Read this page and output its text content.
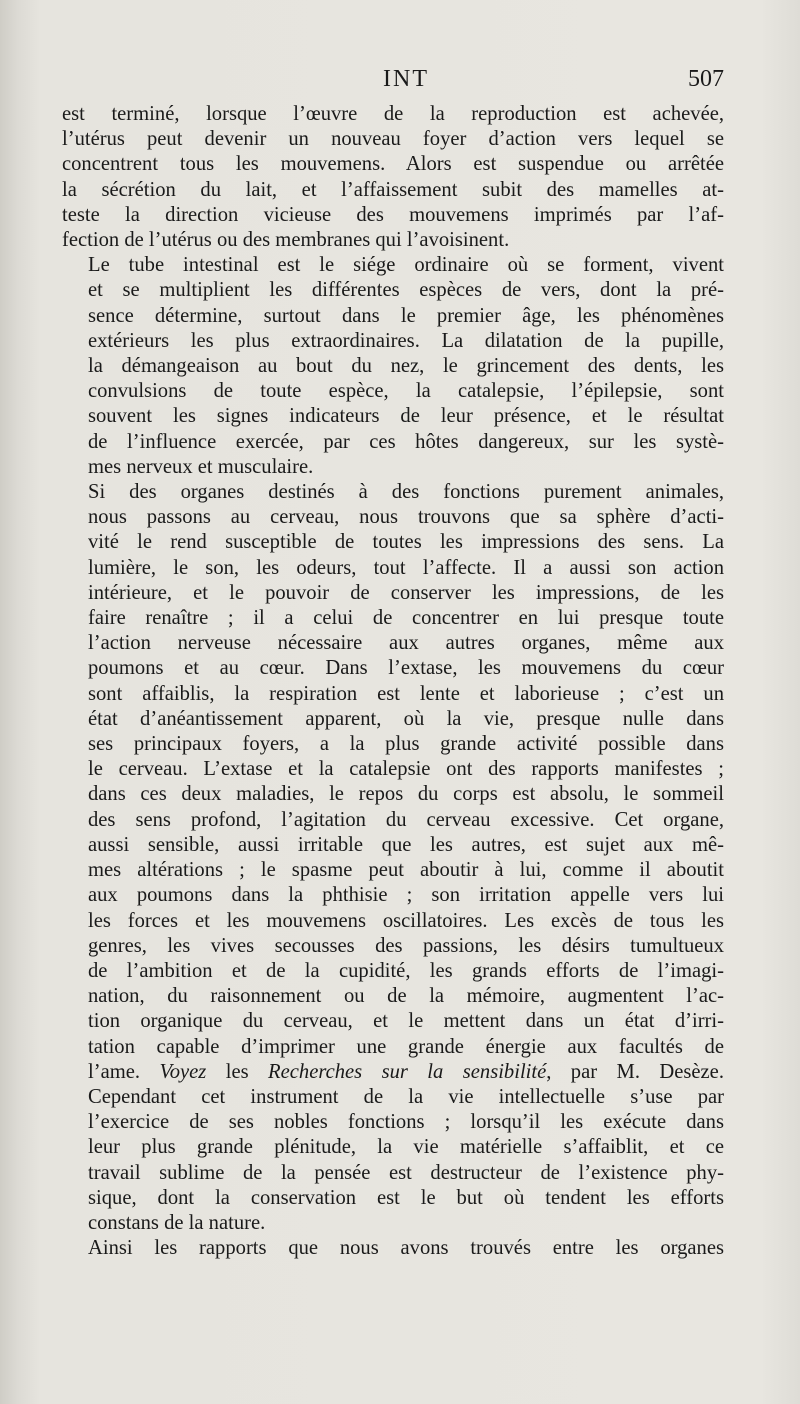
INT	507

est terminé, lorsque l’œuvre de la reproduction est achevée,
l’utérus peut devenir un nouveau foyer d’action vers lequel se
concentrent tous les mouvemens. Alors est suspendue ou arrêtée
la sécrétion du lait, et l’affaissement subit des mamelles at-
teste la direction vicieuse des mouvemens imprimés par l’af-
fection de l’utérus ou des membranes qui l’avoisinent.

Le tube intestinal est le siége ordinaire où se forment, vivent
et se multiplient les différentes espèces de vers, dont la pré-
sence détermine, surtout dans le premier âge, les phénomènes
extérieurs les plus extraordinaires. La dilatation de la pupille,
la démangeaison au bout du nez, le grincement des dents, les
convulsions de toute espèce, la catalepsie, l’épilepsie, sont
souvent les signes indicateurs de leur présence, et le résultat
de l’influence exercée, par ces hôtes dangereux, sur les systè-
mes nerveux et musculaire.

Si des organes destinés à des fonctions purement animales,
nous passons au cerveau, nous trouvons que sa sphère d’acti-
vité le rend susceptible de toutes les impressions des sens. La
lumière, le son, les odeurs, tout l’affecte. Il a aussi son action
intérieure, et le pouvoir de conserver les impressions, de les
faire renaître ; il a celui de concentrer en lui presque toute
l’action nerveuse nécessaire aux autres organes, même aux
poumons et au cœur. Dans l’extase, les mouvemens du cœur
sont affaiblis, la respiration est lente et laborieuse ; c’est un
état d’anéantissement apparent, où la vie, presque nulle dans
ses principaux foyers, a la plus grande activité possible dans
le cerveau. L’extase et la catalepsie ont des rapports manifestes ;
dans ces deux maladies, le repos du corps est absolu, le sommeil
des sens profond, l’agitation du cerveau excessive. Cet organe,
aussi sensible, aussi irritable que les autres, est sujet aux mê-
mes altérations ; le spasme peut aboutir à lui, comme il aboutit
aux poumons dans la phthisie ; son irritation appelle vers lui
les forces et les mouvemens oscillatoires. Les excès de tous les
genres, les vives secousses des passions, les désirs tumultueux
de l’ambition et de la cupidité, les grands efforts de l’imagi-
nation, du raisonnement ou de la mémoire, augmentent l’ac-
tion organique du cerveau, et le mettent dans un état d’irri-
tation capable d’imprimer une grande énergie aux facultés de
l’ame. Voyez les Recherches sur la sensibilité, par M. Desèze.

Cependant cet instrument de la vie intellectuelle s’use par
l’exercice de ses nobles fonctions ; lorsqu’il les exécute dans
leur plus grande plénitude, la vie matérielle s’affaiblit, et ce
travail sublime de la pensée est destructeur de l’existence phy-
sique, dont la conservation est le but où tendent les efforts
constans de la nature.

Ainsi les rapports que nous avons trouvés entre les organes
